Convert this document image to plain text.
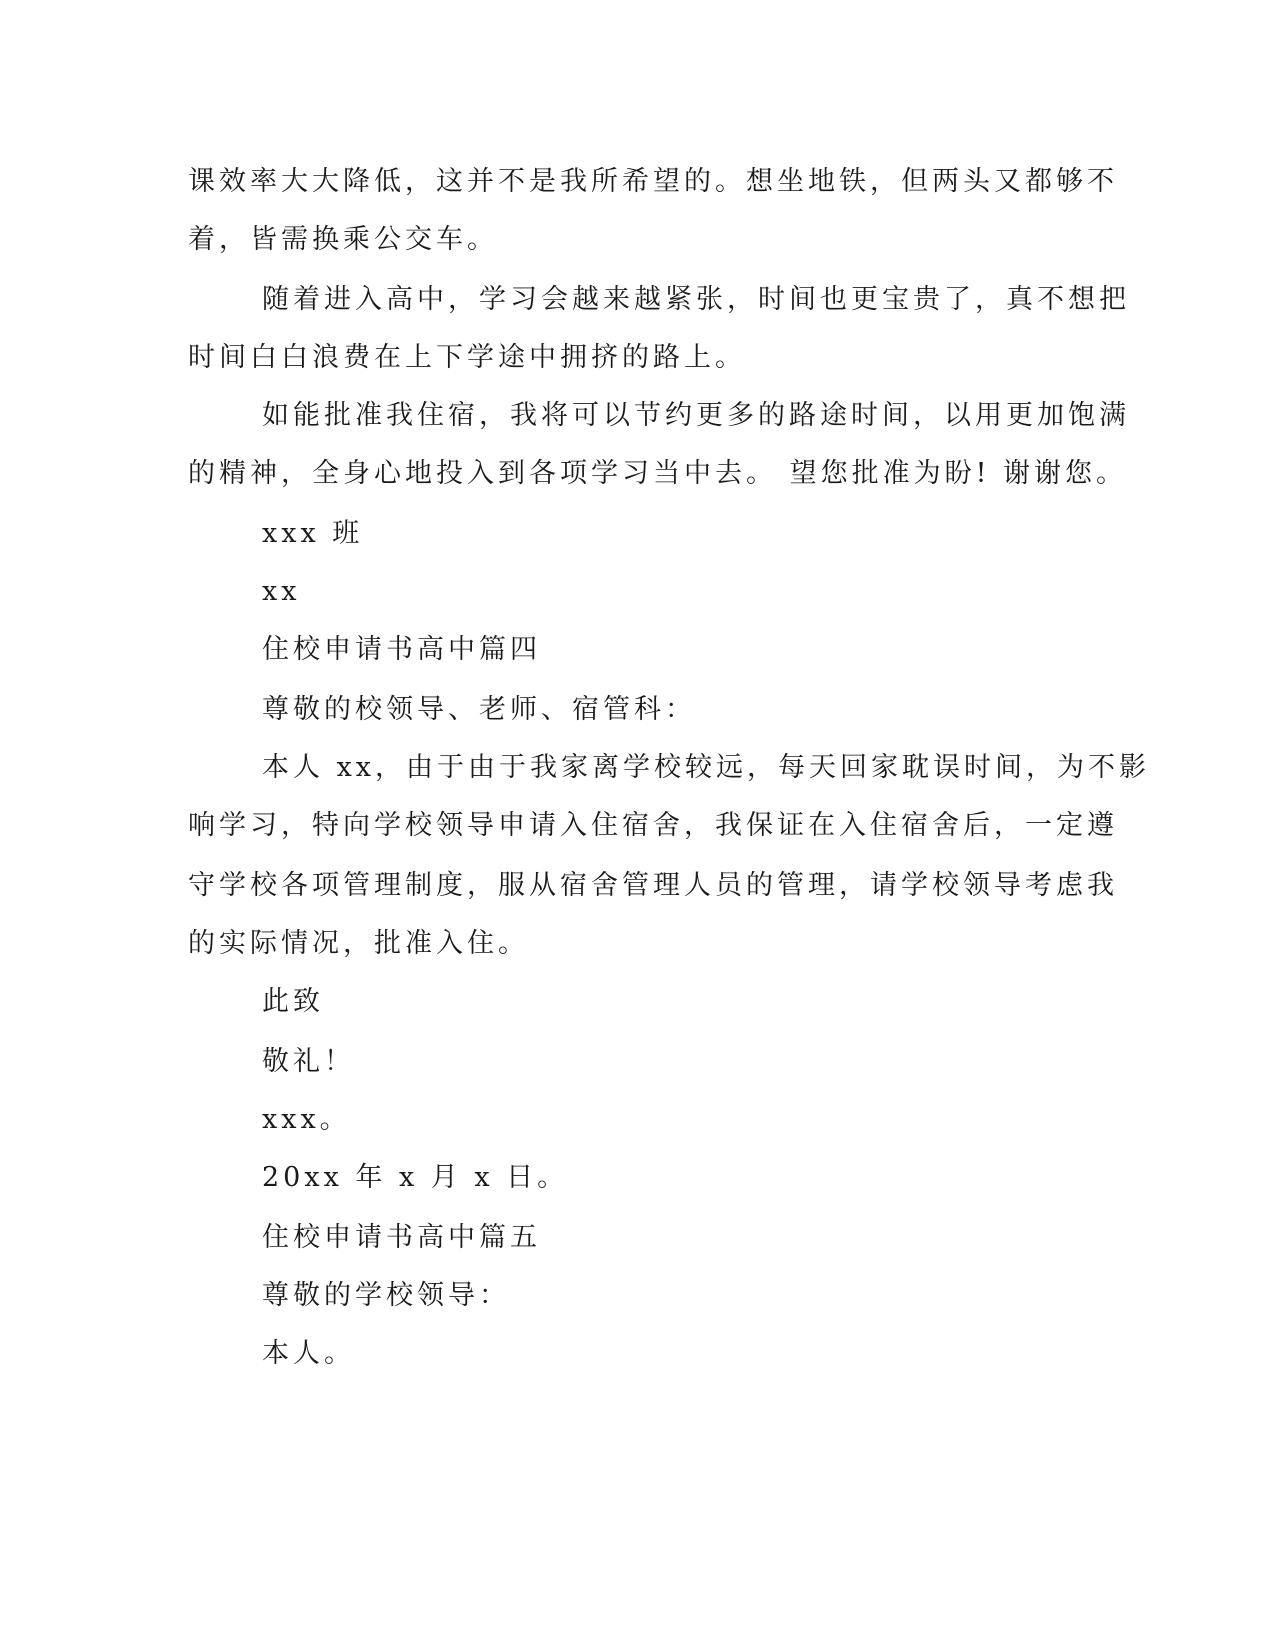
课效率大大降低，这并不是我所希望的。想坐地铁，但两头又都够不
着，皆需换乘公交车。
随着进入高中，学习会越来越紧张，时间也更宝贵了，真不想把
时间白白浪费在上下学途中拥挤的路上。
如能批准我住宿，我将可以节约更多的路途时间，以用更加饱满
的精神，全身心地投入到各项学习当中去。 望您批准为盼! 谢谢您。
xxx 班
xx
住校申请书高中篇四
尊敬的校领导、老师、宿管科：
本人 xx，由于由于我家离学校较远，每天回家耽误时间，为不影
响学习，特向学校领导申请入住宿舍，我保证在入住宿舍后，一定遵
守学校各项管理制度，服从宿舍管理人员的管理，请学校领导考虑我
的实际情况，批准入住。
此致
敬礼！
xxx。
20xx 年 x 月 x 日。
住校申请书高中篇五
尊敬的学校领导：
本人。
